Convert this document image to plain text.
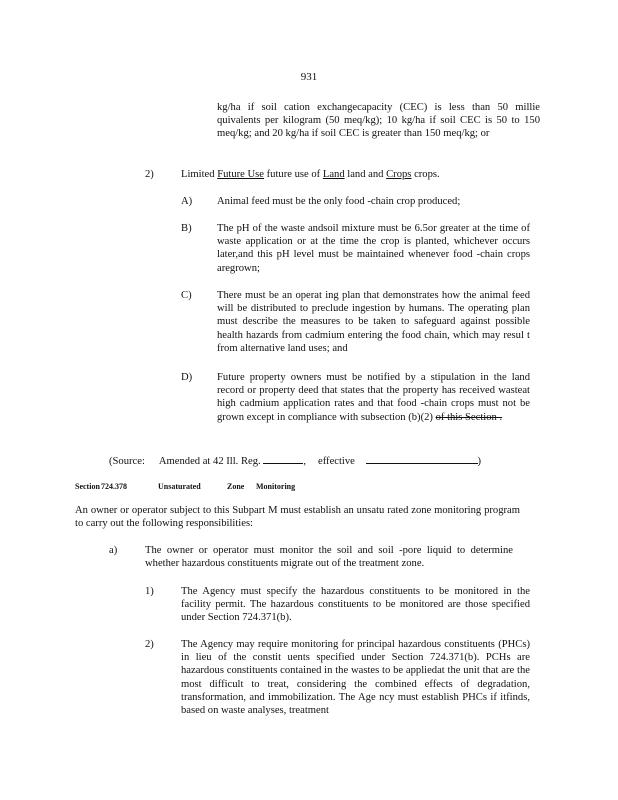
931
kg/ha if soil cation exchangecapacity (CEC) is less than 50 millie quivalents per kilogram (50 meq/kg); 10 kg/ha if soil CEC is 50 to 150 meq/kg; and 20 kg/ha if soil CEC is greater than 150 meq/kg; or
2)	Limited Future Use future use of Land land and Crops crops.
A) Animal feed must be the only food -chain crop produced;
B) The pH of the waste andsoil mixture must be 6.5or greater at the time of waste application or at the time the crop is planted, whichever occurs later,and this pH level must be maintained whenever food -chain crops aregrown;
C) There must be an operat ing plan that demonstrates how the animal feed will be distributed to preclude ingestion by humans. The operating plan must describe the measures to be taken to safeguard against possible health hazards from cadmium entering the food chain, which may resul t from alternative land uses; and
D) Future property owners must be notified by a stipulation in the land record or property deed that states that the property has received wasteat high cadmium application rates and that food -chain crops must not be grown except in compliance with subsection (b)(2) of this Section .
(Source: Amended at 42 Ill. Reg.	, effective	)
Section 724.378	Unsaturated	Zone Monitoring
An owner or operator subject to this Subpart M must establish an unsatu rated zone monitoring program to carry out the following responsibilities:
a)	The owner or operator must monitor the soil and soil -pore liquid to determine whether hazardous constituents migrate out of the treatment zone.
1)	The Agency must specify the hazardous constituents to be monitored in the facility permit. The hazardous constituents to be monitored are those specified under Section 724.371(b).
2)	The Agency may require monitoring for principal hazardous constituents (PHCs) in lieu of the constit uents specified under Section 724.371(b). PCHs are hazardous constituents contained in the wastes to be appliedat the unit that are the most difficult to treat, considering the combined effects of degradation, transformation, and immobilization. The Age ncy must establish PHCs if itfinds, based on waste analyses, treatment
